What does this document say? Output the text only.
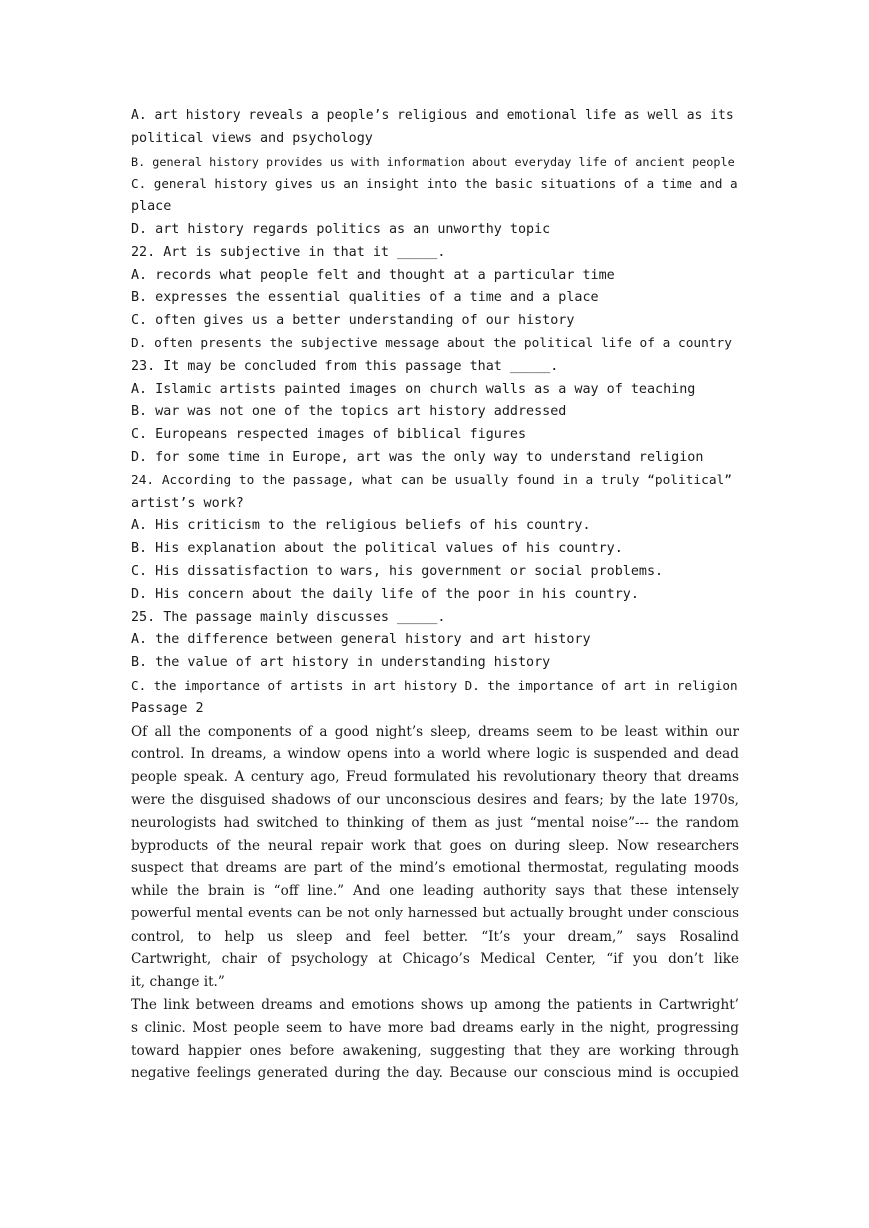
A. art history reveals a people’s religious and emotional life as well as its
political views and psychology
B. general history provides us with information about everyday life of ancient people
C. general history gives us an insight into the basic situations of a time and a
place
D. art history regards politics as an unworthy topic
22. Art is subjective in that it _____.
A. records what people felt and thought at a particular time
B. expresses the essential qualities of a time and a place
C. often gives us a better understanding of our history
D. often presents the subjective message about the political life of a country
23. It may be concluded from this passage that _____.
A. Islamic artists painted images on church walls as a way of teaching
B. war was not one of the topics art history addressed
C. Europeans respected images of biblical figures
D. for some time in Europe, art was the only way to understand religion
24. According to the passage, what can be usually found in a truly “political”
artist’s work?
A. His criticism to the religious beliefs of his country.
B. His explanation about the political values of his country.
C. His dissatisfaction to wars, his government or social problems.
D. His concern about the daily life of the poor in his country.
25. The passage mainly discusses _____.
A. the difference between general history and art history
B. the value of art history in understanding history
C. the importance of artists in art history D. the importance of art in religion
Passage 2
Of all the components of a good night’s sleep, dreams seem to be least within our
control. In dreams, a window opens into a world where logic is suspended and dead
people speak. A century ago, Freud formulated his revolutionary theory that dreams
were the disguised shadows of our unconscious desires and fears; by the late 1970s,
neurologists had switched to thinking of them as just “mental noise”--- the random
byproducts of the neural repair work that goes on during sleep. Now researchers
suspect that dreams are part of the mind’s emotional thermostat, regulating moods
while the brain is “off line.” And one leading authority says that these intensely
powerful mental events can be not only harnessed but actually brought under conscious
control, to help us sleep and feel better. “It’s your dream,” says Rosalind
Cartwright, chair of psychology at Chicago’s Medical Center, “if you don’t like
it, change it.”
The link between dreams and emotions shows up among the patients in Cartwright’
s clinic. Most people seem to have more bad dreams early in the night, progressing
toward happier ones before awakening, suggesting that they are working through
negative feelings generated during the day. Because our conscious mind is occupied
